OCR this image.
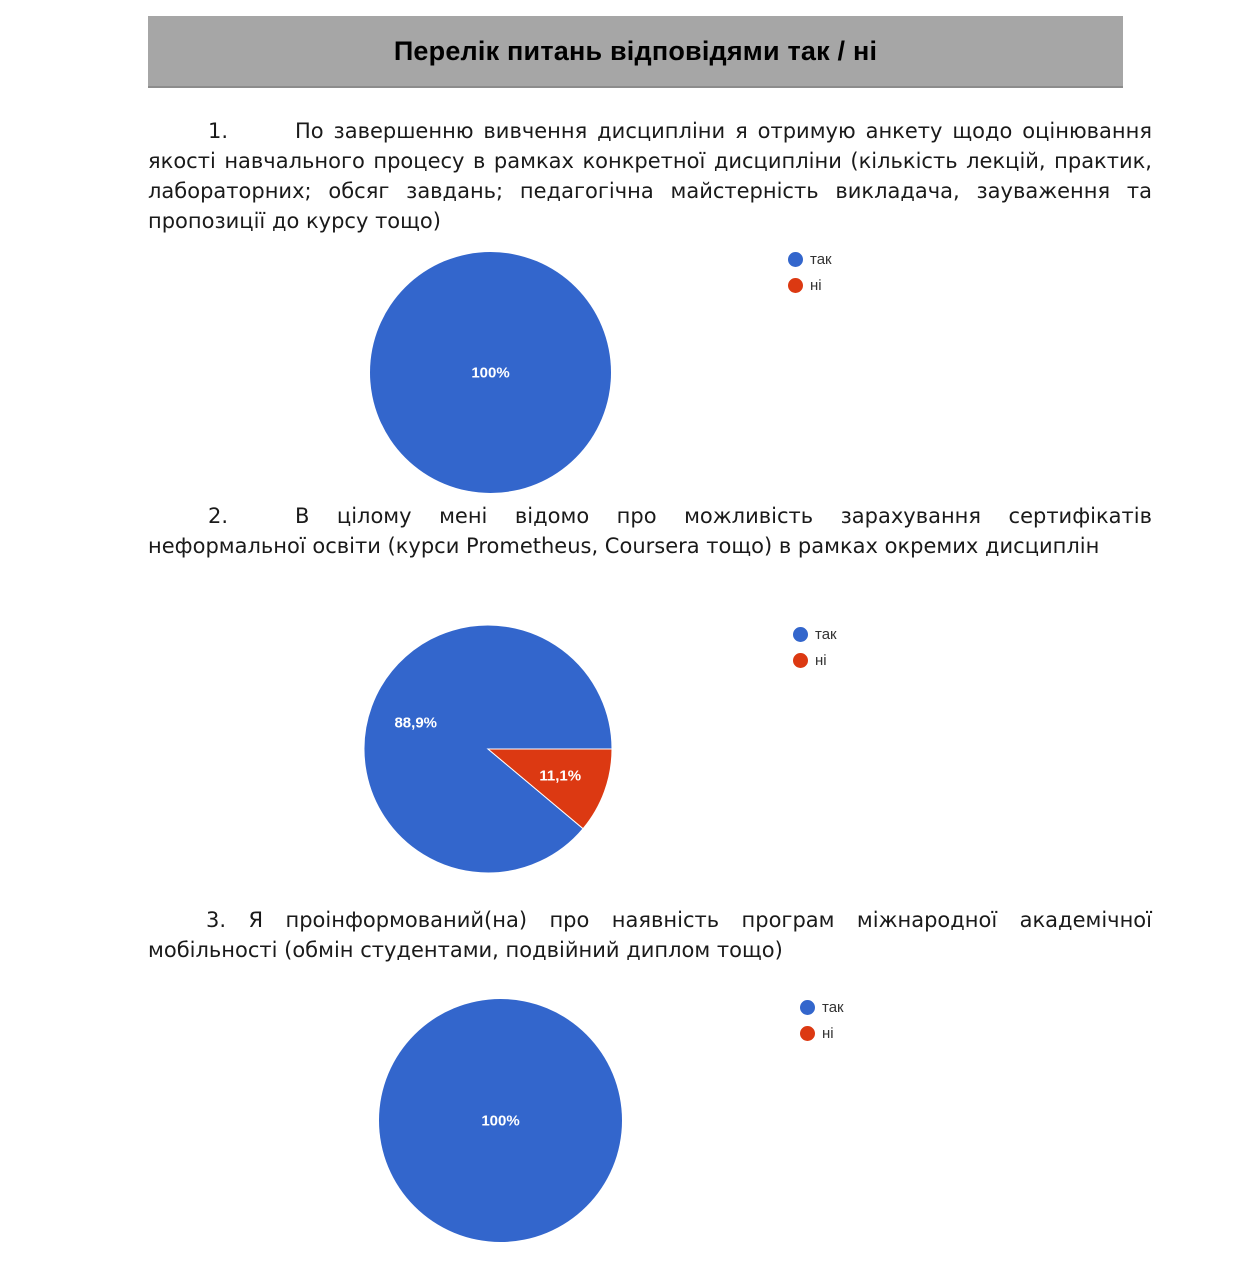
Перелік питань відповідями так / ні
1.	По завершенню вивчення дисципліни я отримую анкету щодо оцінювання якості навчального процесу в рамках конкретної дисципліни (кількість лекцій, практик, лабораторних; обсяг завдань; педагогічна майстерність викладача, зауваження та пропозиції до курсу тощо)
100%
так
ні
2.	В цілому мені відомо про можливість зарахування сертифікатів неформальної освіти (курси Prometheus, Coursera тощо) в рамках окремих дисциплін
88,9%
11,1%
так
ні
3. Я проінформований(на) про наявність програм міжнародної академічної мобільності (обмін студентами, подвійний диплом тощо)
100%
так
ні
